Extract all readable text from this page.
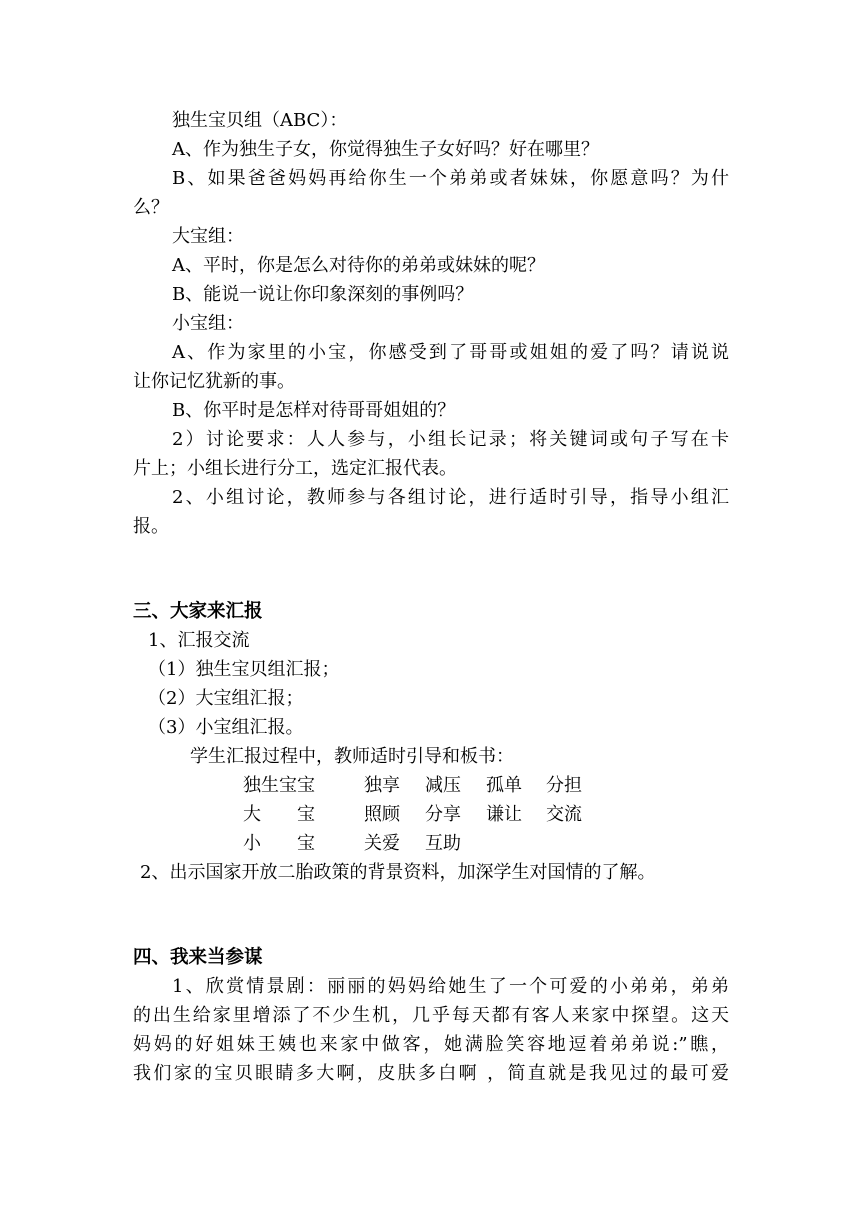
独生宝贝组（ABC）：
A、作为独生子女，你觉得独生子女好吗？好在哪里？
B、如果爸爸妈妈再给你生一个弟弟或者妹妹，你愿意吗？为什
么？
大宝组：
A、平时，你是怎么对待你的弟弟或妹妹的呢？
B、能说一说让你印象深刻的事例吗？
小宝组：
A、作为家里的小宝，你感受到了哥哥或姐姐的爱了吗？请说说
让你记忆犹新的事。
B、你平时是怎样对待哥哥姐姐的？
2）讨论要求：人人参与，小组长记录；将关键词或句子写在卡
片上；小组长进行分工，选定汇报代表。
2、小组讨论，教师参与各组讨论，进行适时引导，指导小组汇
报。
三、大家来汇报
1、汇报交流
（1）独生宝贝组汇报；
（2）大宝组汇报；
（3）小宝组汇报。
学生汇报过程中，教师适时引导和板书：
独生宝宝	独享 减压 孤单 分担
大　　宝	照顾 分享 谦让 交流
小　　宝	关爱 互助
2、出示国家开放二胎政策的背景资料，加深学生对国情的了解。
四、我来当参谋
1、欣赏情景剧：丽丽的妈妈给她生了一个可爱的小弟弟，弟弟
的出生给家里增添了不少生机，几乎每天都有客人来家中探望。这天
妈妈的好姐妹王姨也来家中做客，她满脸笑容地逗着弟弟说:”瞧，
我们家的宝贝眼睛多大啊，皮肤多白啊 ，简直就是我见过的最可爱
